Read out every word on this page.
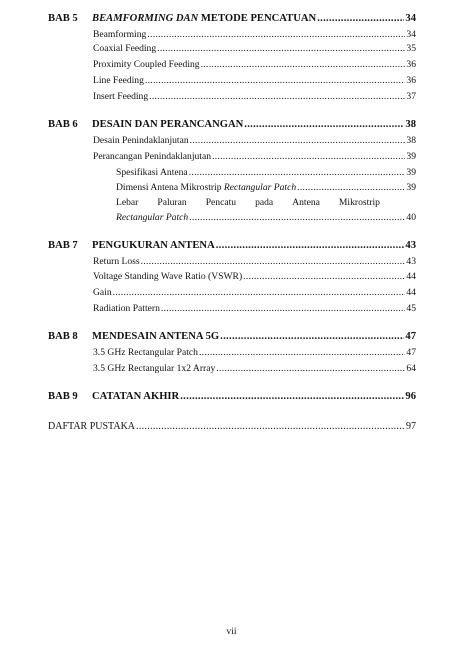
BAB 5	BEAMFORMING DAN METODE PENCATUAN .....	34
Beamforming .....	34
Coaxial Feeding .....	35
Proximity Coupled Feeding .....	36
Line Feeding .....	36
Insert Feeding .....	37
BAB 6	DESAIN DAN PERANCANGAN .....	38
Desain Penindaklanjutan .....	38
Perancangan Penindaklanjutan .....	39
Spesifikasi Antena .....	39
Dimensi Antena Mikrostrip Rectangular Patch .....	39
Lebar Paluran Pencatu pada Antena Mikrostrip
Rectangular Patch .....	40
BAB 7	PENGUKURAN ANTENA .....	43
Return Loss .....	43
Voltage Standing Wave Ratio (VSWR) .....	44
Gain .....	44
Radiation Pattern .....	45
BAB 8	MENDESAIN ANTENA 5G .....	47
3.5 GHz Rectangular Patch .....	47
3.5 GHz Rectangular 1x2 Array .....	64
BAB 9	CATATAN AKHIR .....	96
DAFTAR PUSTAKA .....	97
vii
